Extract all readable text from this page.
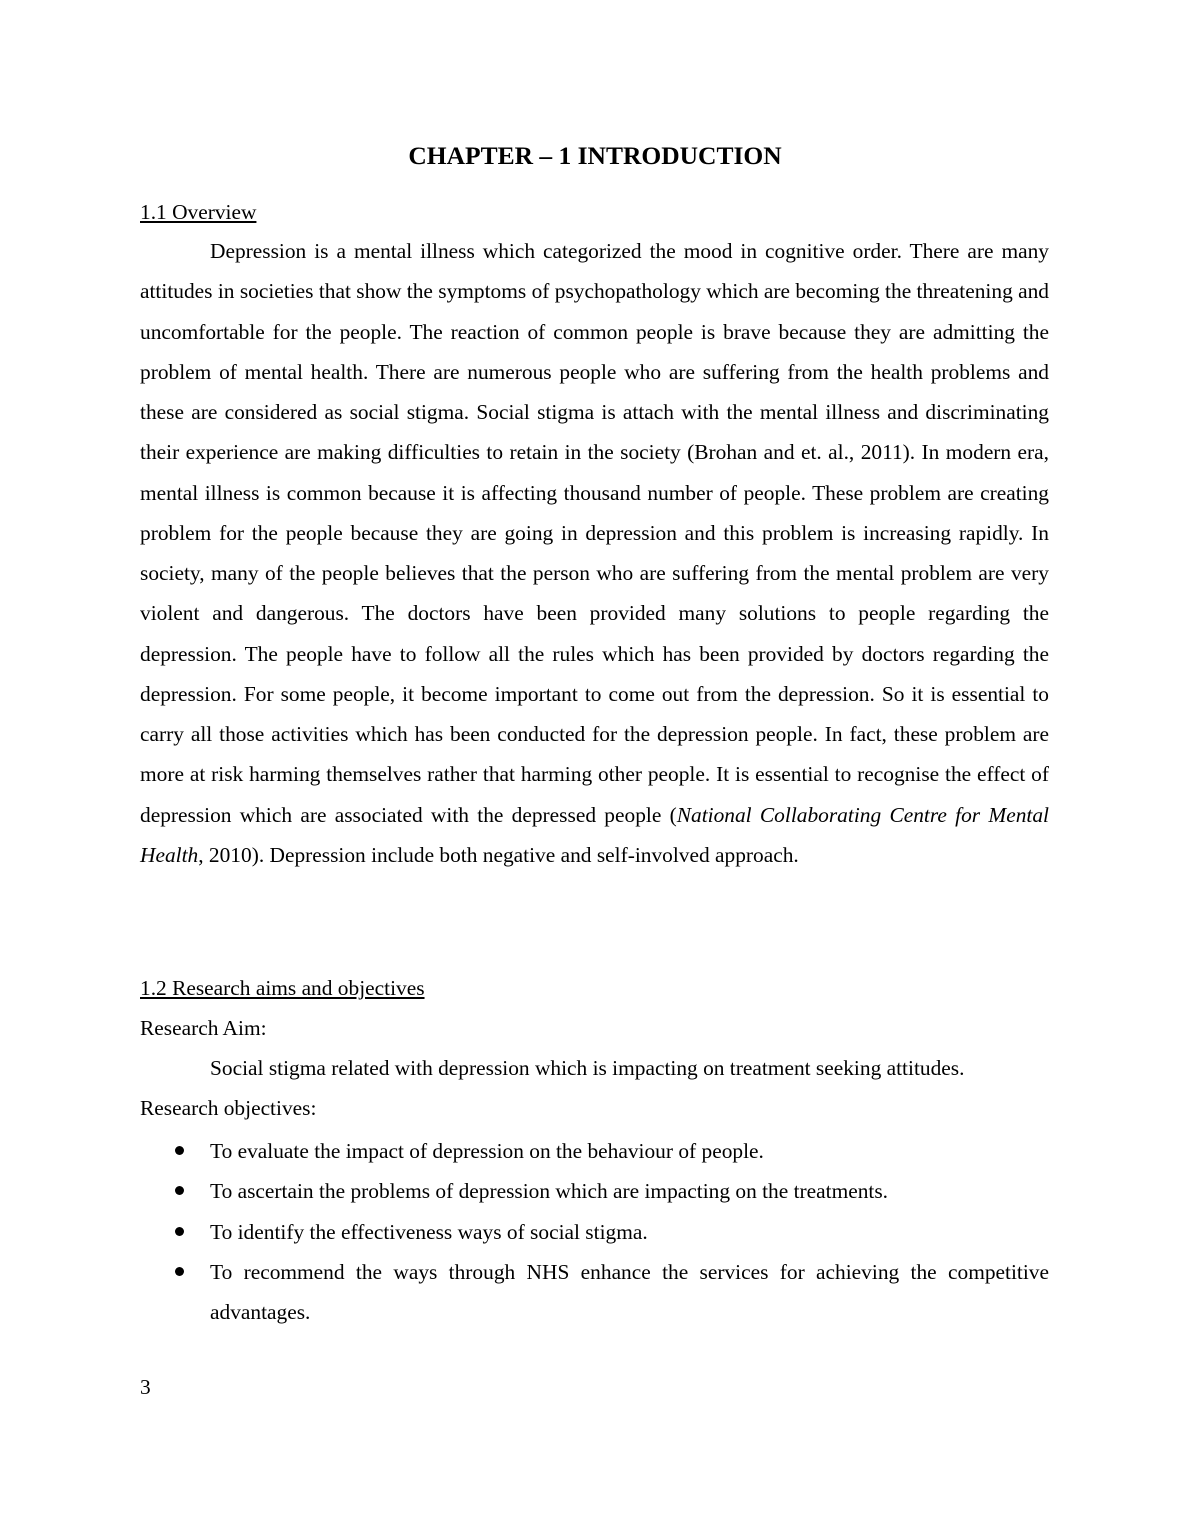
CHAPTER – 1 INTRODUCTION

1.1 Overview

Depression is a mental illness which categorized the mood in cognitive order. There are many attitudes in societies that show the symptoms of psychopathology which are becoming the threatening and uncomfortable for the people. The reaction of common people is brave because they are admitting the problem of mental health. There are numerous people who are suffering from the health problems and these are considered as social stigma. Social stigma is attach with the mental illness and discriminating their experience are making difficulties to retain in the society (Brohan and et. al., 2011). In modern era, mental illness is common because it is affecting thousand number of people. These problem are creating problem for the people because they are going in depression and this problem is increasing rapidly. In society, many of the people believes that the person who are suffering from the mental problem are very violent and dangerous. The doctors have been provided many solutions to people regarding the depression. The people have to follow all the rules which has been provided by doctors regarding the depression. For some people, it become important to come out from the depression. So it is essential to carry all those activities which has been conducted for the depression people. In fact, these problem are more at risk harming themselves rather that harming other people. It is essential to recognise the effect of depression which are associated with the depressed people (National Collaborating Centre for Mental Health, 2010). Depression include both negative and self-involved approach.

1.2 Research aims and objectives

Research Aim:

Social stigma related with depression which is impacting on treatment seeking attitudes.

Research objectives:

To evaluate the impact of depression on the behaviour of people.
To ascertain the problems of depression which are impacting on the treatments.
To identify the effectiveness ways of social stigma.
To recommend the ways through NHS enhance the services for achieving the competitive advantages.

3
